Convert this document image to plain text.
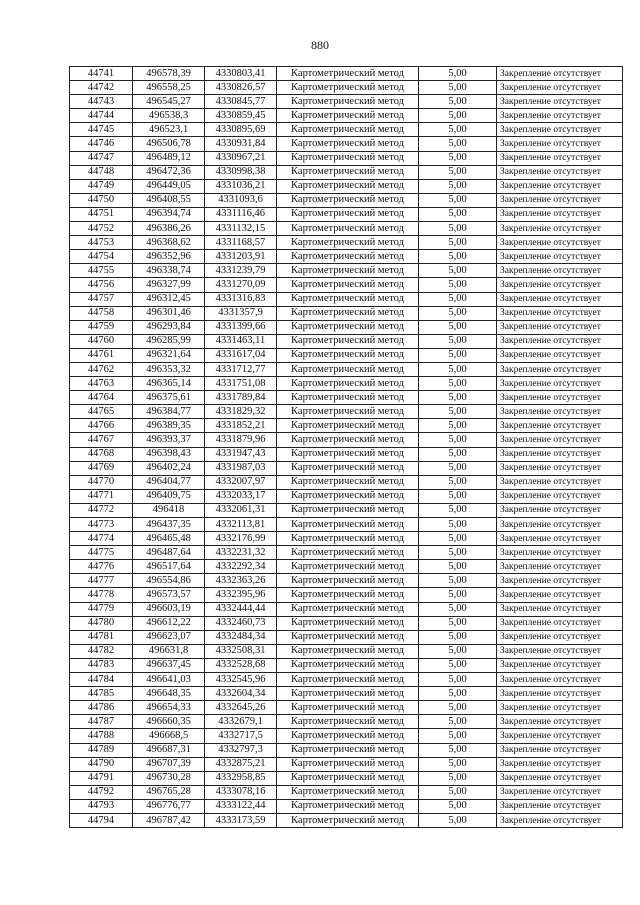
880
44741	496578,39	4330803,41	Картометрический метод	5,00	Закрепление отсутствует
44742	496558,25	4330826,57	Картометрический метод	5,00	Закрепление отсутствует
44743	496545,27	4330845,77	Картометрический метод	5,00	Закрепление отсутствует
44744	496538,3	4330859,45	Картометрический метод	5,00	Закрепление отсутствует
44745	496523,1	4330895,69	Картометрический метод	5,00	Закрепление отсутствует
44746	496506,78	4330931,84	Картометрический метод	5,00	Закрепление отсутствует
44747	496489,12	4330967,21	Картометрический метод	5,00	Закрепление отсутствует
44748	496472,36	4330998,38	Картометрический метод	5,00	Закрепление отсутствует
44749	496449,05	4331036,21	Картометрический метод	5,00	Закрепление отсутствует
44750	496408,55	4331093,6	Картометрический метод	5,00	Закрепление отсутствует
44751	496394,74	4331116,46	Картометрический метод	5,00	Закрепление отсутствует
44752	496386,26	4331132,15	Картометрический метод	5,00	Закрепление отсутствует
44753	496368,62	4331168,57	Картометрический метод	5,00	Закрепление отсутствует
44754	496352,96	4331203,91	Картометрический метод	5,00	Закрепление отсутствует
44755	496338,74	4331239,79	Картометрический метод	5,00	Закрепление отсутствует
44756	496327,99	4331270,09	Картометрический метод	5,00	Закрепление отсутствует
44757	496312,45	4331316,83	Картометрический метод	5,00	Закрепление отсутствует
44758	496301,46	4331357,9	Картометрический метод	5,00	Закрепление отсутствует
44759	496293,84	4331399,66	Картометрический метод	5,00	Закрепление отсутствует
44760	496285,99	4331463,11	Картометрический метод	5,00	Закрепление отсутствует
44761	496321,64	4331617,04	Картометрический метод	5,00	Закрепление отсутствует
44762	496353,32	4331712,77	Картометрический метод	5,00	Закрепление отсутствует
44763	496365,14	4331751,08	Картометрический метод	5,00	Закрепление отсутствует
44764	496375,61	4331789,84	Картометрический метод	5,00	Закрепление отсутствует
44765	496384,77	4331829,32	Картометрический метод	5,00	Закрепление отсутствует
44766	496389,35	4331852,21	Картометрический метод	5,00	Закрепление отсутствует
44767	496393,37	4331879,96	Картометрический метод	5,00	Закрепление отсутствует
44768	496398,43	4331947,43	Картометрический метод	5,00	Закрепление отсутствует
44769	496402,24	4331987,03	Картометрический метод	5,00	Закрепление отсутствует
44770	496404,77	4332007,97	Картометрический метод	5,00	Закрепление отсутствует
44771	496409,75	4332033,17	Картометрический метод	5,00	Закрепление отсутствует
44772	496418	4332061,31	Картометрический метод	5,00	Закрепление отсутствует
44773	496437,35	4332113,81	Картометрический метод	5,00	Закрепление отсутствует
44774	496465,48	4332176,99	Картометрический метод	5,00	Закрепление отсутствует
44775	496487,64	4332231,32	Картометрический метод	5,00	Закрепление отсутствует
44776	496517,64	4332292,34	Картометрический метод	5,00	Закрепление отсутствует
44777	496554,86	4332363,26	Картометрический метод	5,00	Закрепление отсутствует
44778	496573,57	4332395,96	Картометрический метод	5,00	Закрепление отсутствует
44779	496603,19	4332444,44	Картометрический метод	5,00	Закрепление отсутствует
44780	496612,22	4332460,73	Картометрический метод	5,00	Закрепление отсутствует
44781	496623,07	4332484,34	Картометрический метод	5,00	Закрепление отсутствует
44782	496631,8	4332508,31	Картометрический метод	5,00	Закрепление отсутствует
44783	496637,45	4332528,68	Картометрический метод	5,00	Закрепление отсутствует
44784	496641,03	4332545,96	Картометрический метод	5,00	Закрепление отсутствует
44785	496648,35	4332604,34	Картометрический метод	5,00	Закрепление отсутствует
44786	496654,33	4332645,26	Картометрический метод	5,00	Закрепление отсутствует
44787	496660,35	4332679,1	Картометрический метод	5,00	Закрепление отсутствует
44788	496668,5	4332717,5	Картометрический метод	5,00	Закрепление отсутствует
44789	496687,31	4332797,3	Картометрический метод	5,00	Закрепление отсутствует
44790	496707,39	4332875,21	Картометрический метод	5,00	Закрепление отсутствует
44791	496730,28	4332958,85	Картометрический метод	5,00	Закрепление отсутствует
44792	496765,28	4333078,16	Картометрический метод	5,00	Закрепление отсутствует
44793	496776,77	4333122,44	Картометрический метод	5,00	Закрепление отсутствует
44794	496787,42	4333173,59	Картометрический метод	5,00	Закрепление отсутствует
